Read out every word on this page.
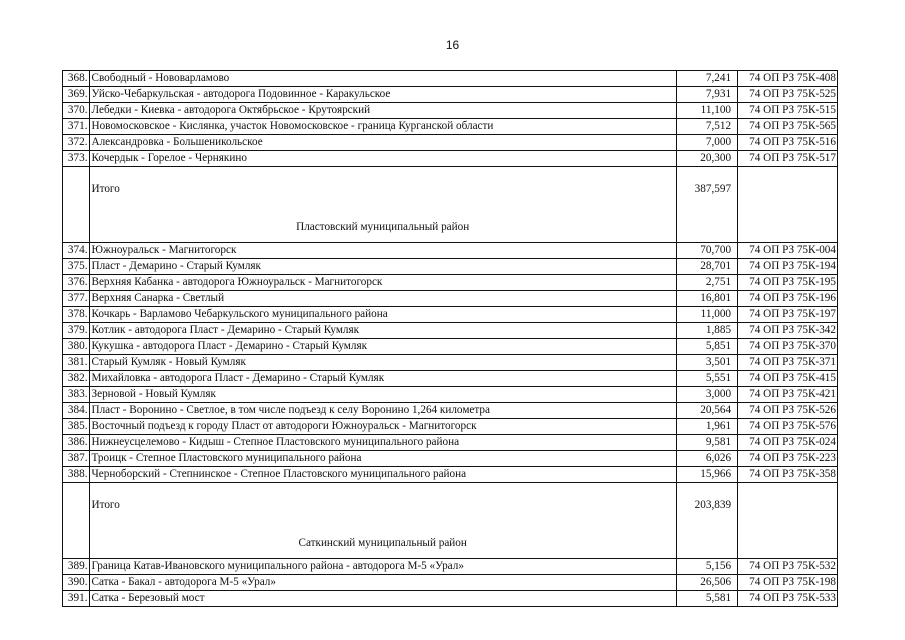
16
368.	Свободный - Нововарламово	7,241	74 ОП РЗ 75К-408
369.	Уйско-Чебаркульская - автодорога Подовинное - Каракульское	7,931	74 ОП РЗ 75К-525
370.	Лебедки - Киевка - автодорога Октябрьское - Крутоярский	11,100	74 ОП РЗ 75К-515
371.	Новомосковское - Кислянка, участок Новомосковское - граница Курганской области	7,512	74 ОП РЗ 75К-565
372.	Александровка - Большеникольское	7,000	74 ОП РЗ 75К-516
373.	Кочердык - Горелое - Чернякино	20,300	74 ОП РЗ 75К-517

	Итого	387,597	

	Пластовский муниципальный район		
374.	Южноуральск - Магнитогорск	70,700	74 ОП РЗ 75К-004
375.	Пласт - Демарино - Старый Кумляк	28,701	74 ОП РЗ 75К-194
376.	Верхняя Кабанка - автодорога Южноуральск - Магнитогорск	2,751	74 ОП РЗ 75К-195
377.	Верхняя Санарка - Светлый	16,801	74 ОП РЗ 75К-196
378.	Кочкарь - Варламово Чебаркульского муниципального района	11,000	74 ОП РЗ 75К-197
379.	Котлик - автодорога Пласт - Демарино - Старый Кумляк	1,885	74 ОП РЗ 75К-342
380.	Кукушка - автодорога Пласт - Демарино - Старый Кумляк	5,851	74 ОП РЗ 75К-370
381.	Старый Кумляк - Новый Кумляк	3,501	74 ОП РЗ 75К-371
382.	Михайловка - автодорога Пласт - Демарино - Старый Кумляк	5,551	74 ОП РЗ 75К-415
383.	Зерновой - Новый Кумляк	3,000	74 ОП РЗ 75К-421
384.	Пласт - Воронино - Светлое, в том числе подъезд к селу Воронино 1,264 километра	20,564	74 ОП РЗ 75К-526
385.	Восточный подъезд к городу Пласт от автодороги Южноуральск - Магнитогорск	1,961	74 ОП РЗ 75К-576
386.	Нижнеусцелемово - Кидыш - Степное Пластовского муниципального района	9,581	74 ОП РЗ 75К-024
387.	Троицк - Степное Пластовского муниципального района	6,026	74 ОП РЗ 75К-223
388.	Черноборский - Степнинское - Степное Пластовского муниципального района	15,966	74 ОП РЗ 75К-358

	Итого	203,839	

	Саткинский муниципальный район		
389.	Граница Катав-Ивановского муниципального района - автодорога М-5 «Урал»	5,156	74 ОП РЗ 75К-532
390.	Сатка - Бакал - автодорога М-5 «Урал»	26,506	74 ОП РЗ 75К-198
391.	Сатка - Березовый мост	5,581	74 ОП РЗ 75К-533
